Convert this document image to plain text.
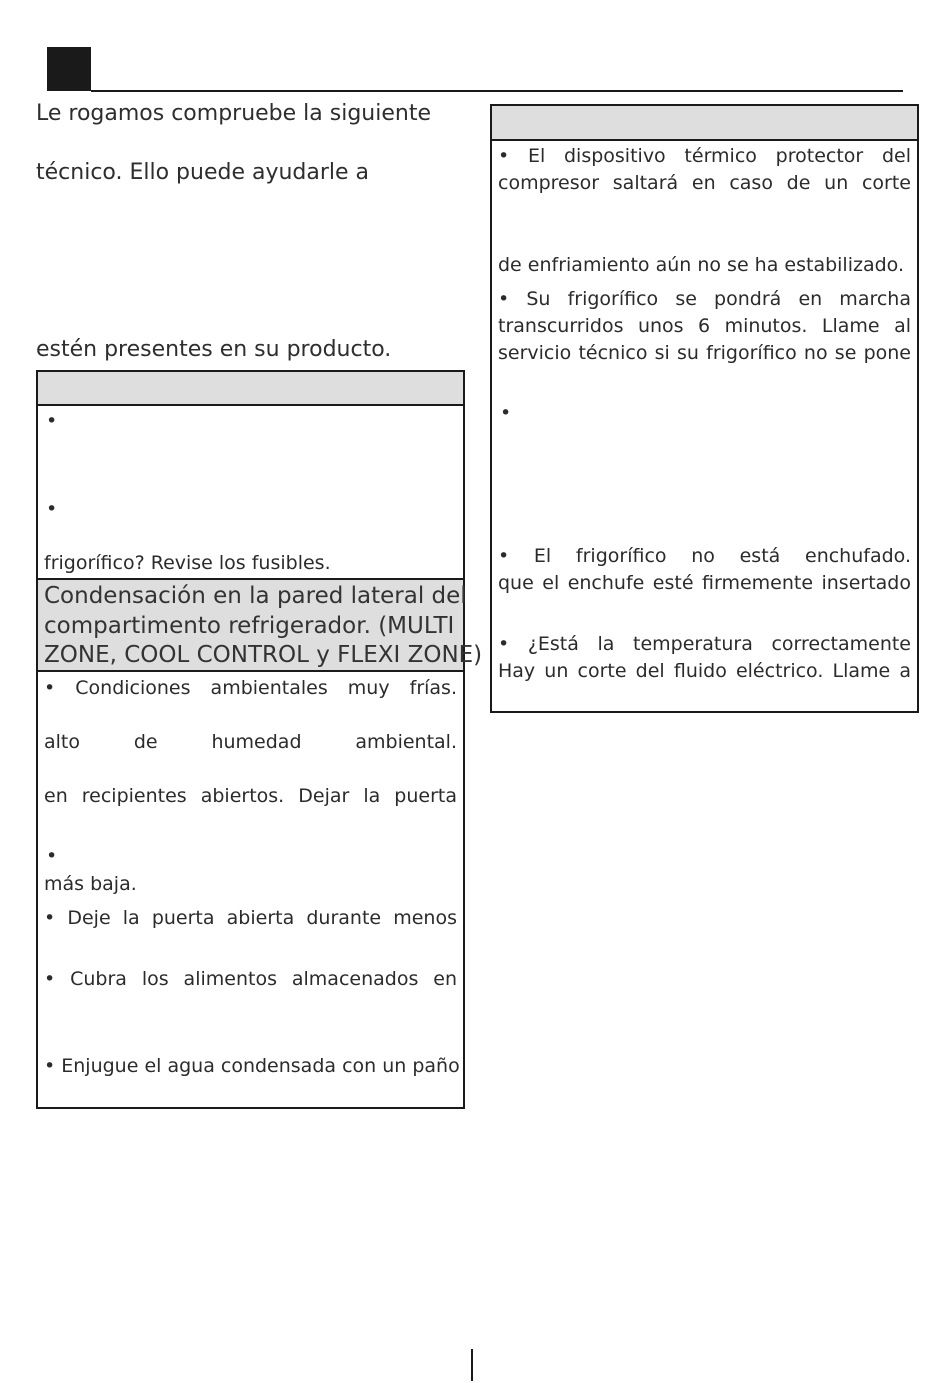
Le rogamos compruebe la siguiente
técnico. Ello puede ayudarle a
estén presentes en su producto.
•
•
frigorífico? Revise los fusibles.
Condensación en la pared lateral del
compartimento refrigerador. (MULTI
ZONE, COOL CONTROL y FLEXI ZONE)
• Condiciones ambientales muy frías.
alto de humedad ambiental.
en recipientes abiertos. Dejar la puerta
•
más baja.
• Deje la puerta abierta durante menos
• Cubra los alimentos almacenados en
• Enjugue el agua condensada con un paño
• El dispositivo térmico protector del
compresor saltará en caso de un corte
de enfriamiento aún no se ha estabilizado.
• Su frigorífico se pondrá en marcha
transcurridos unos 6 minutos. Llame al
servicio técnico si su frigorífico no se pone
•
• El frigorífico no está enchufado.
que el enchufe esté firmemente insertado
• ¿Está la temperatura correctamente
Hay un corte del fluido eléctrico. Llame a
